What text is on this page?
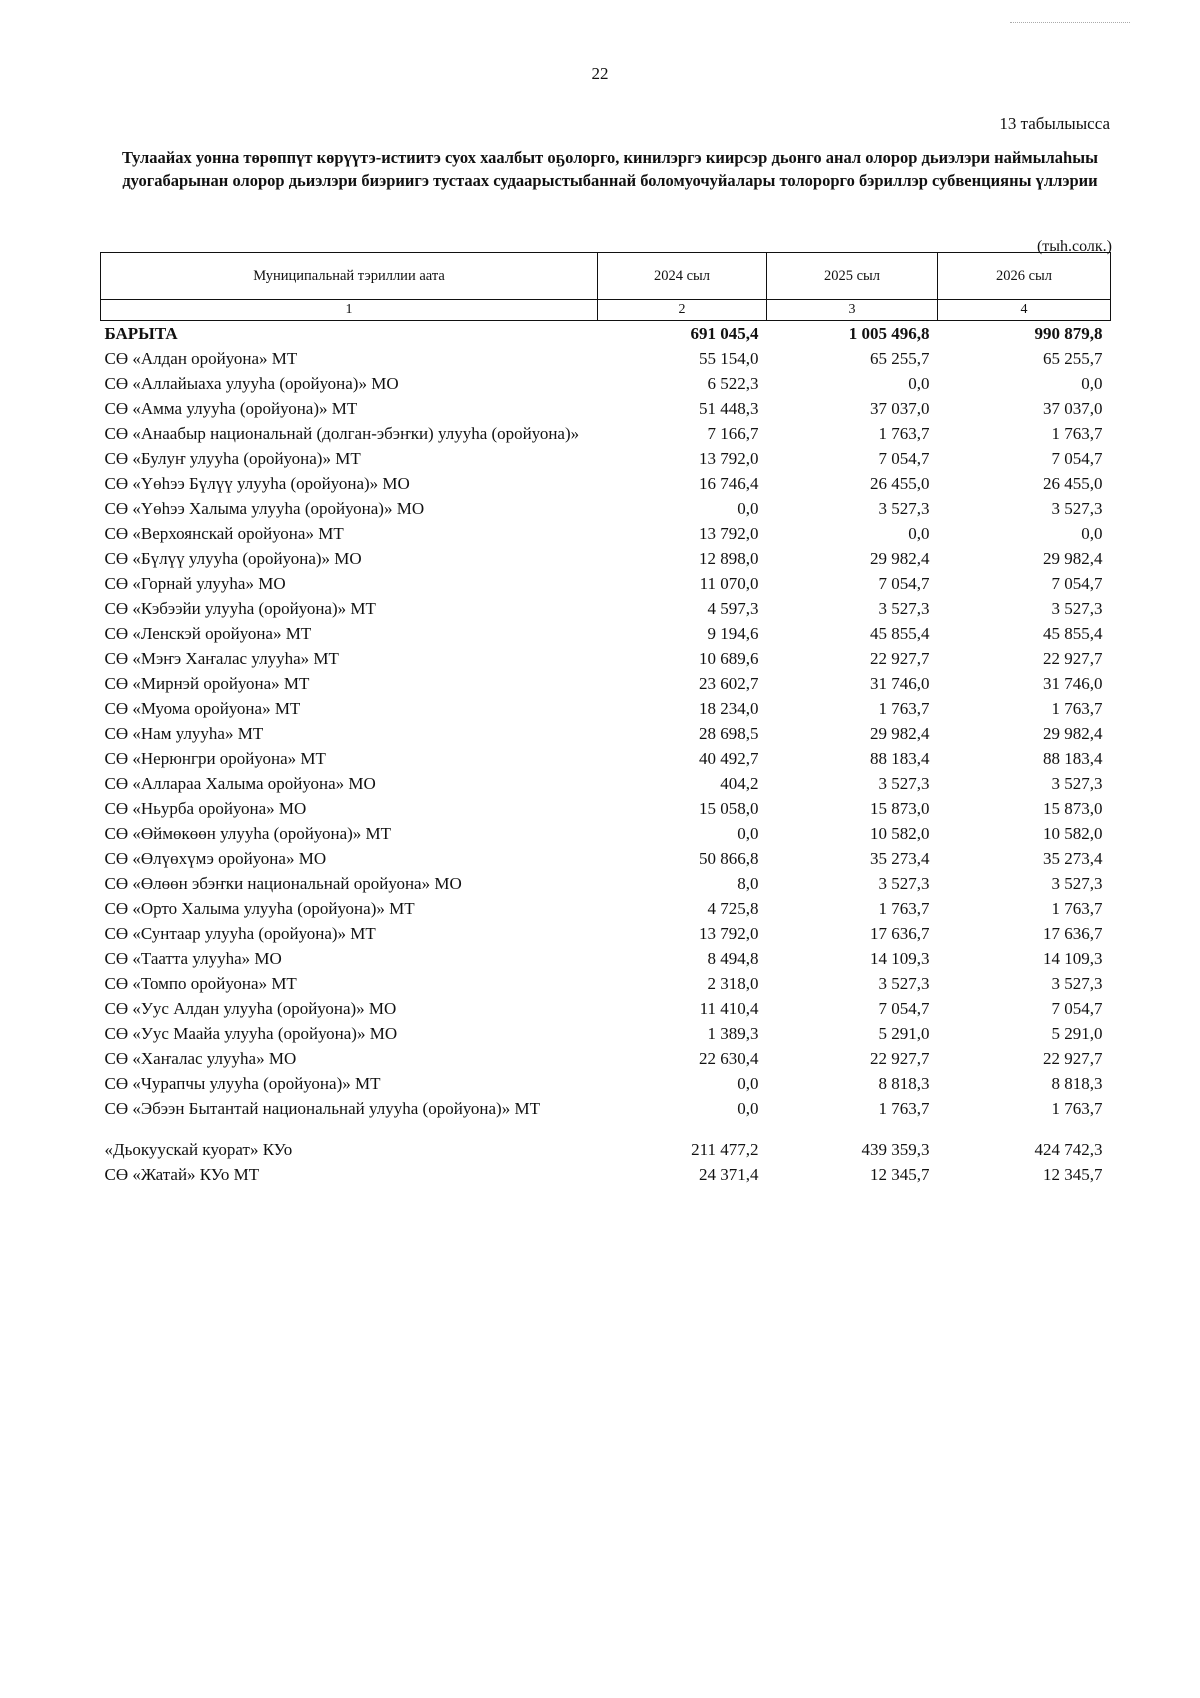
22
13 табылыысса
Тулаайах уонна төрөппүт көрүүтэ-истиитэ суох хаалбыт оҕолорго, кинилэргэ киирсэр дьонго анал олорор дьиэлэри наймылаһыы дуогабарынан олорор дьиэлэри биэриигэ тустаах судаарыстыбаннай боломуочуйалары толорорго бэриллэр субвенцияны үллэрии
(тыһ.солк.)
Муниципальнай тэриллии аата	2024 сыл	2025 сыл	2026 сыл
1	2	3	4
БАРЫТА	691 045,4	1 005 496,8	990 879,8
СӨ «Алдан оройуона» МТ	55 154,0	65 255,7	65 255,7
СӨ «Аллайыаха улууһа (оройуона)» МО	6 522,3	0,0	0,0
СӨ «Амма улууһа (оройуона)» МТ	51 448,3	37 037,0	37 037,0
СӨ «Анаабыр национальнай (долган-эбэҥки) улууһа (оройуона)»	7 166,7	1 763,7	1 763,7
СӨ «Булуҥ улууһа (оройуона)» МТ	13 792,0	7 054,7	7 054,7
СӨ «Үөһээ Бүлүү улууһа (оройуона)» МО	16 746,4	26 455,0	26 455,0
СӨ «Үөһээ Халыма улууһа (оройуона)» МО	0,0	3 527,3	3 527,3
СӨ «Верхоянскай оройуона» МТ	13 792,0	0,0	0,0
СӨ «Бүлүү улууһа (оройуона)» МО	12 898,0	29 982,4	29 982,4
СӨ «Горнай улууһа» МО	11 070,0	7 054,7	7 054,7
СӨ «Кэбээйи улууһа (оройуона)» МТ	4 597,3	3 527,3	3 527,3
СӨ «Ленскэй оройуона» МТ	9 194,6	45 855,4	45 855,4
СӨ «Мэҥэ Хаҥалас улууһа» МТ	10 689,6	22 927,7	22 927,7
СӨ «Мирнэй оройуона» МТ	23 602,7	31 746,0	31 746,0
СӨ «Муома оройуона» МТ	18 234,0	1 763,7	1 763,7
СӨ «Нам улууһа» МТ	28 698,5	29 982,4	29 982,4
СӨ «Нерюнгри оройуона» МТ	40 492,7	88 183,4	88 183,4
СӨ «Аллараа Халыма оройуона» МО	404,2	3 527,3	3 527,3
СӨ «Ньурба оройуона» МО	15 058,0	15 873,0	15 873,0
СӨ «Өймөкөөн улууһа (оройуона)» МТ	0,0	10 582,0	10 582,0
СӨ «Өлүөхүмэ оройуона» МО	50 866,8	35 273,4	35 273,4
СӨ «Өлөөн эбэҥки национальнай оройуона» МО	8,0	3 527,3	3 527,3
СӨ «Орто Халыма улууһа (оройуона)» МТ	4 725,8	1 763,7	1 763,7
СӨ «Сунтаар улууһа (оройуона)» МТ	13 792,0	17 636,7	17 636,7
СӨ «Таатта улууһа» МО	8 494,8	14 109,3	14 109,3
СӨ «Томпо оройуона» МТ	2 318,0	3 527,3	3 527,3
СӨ «Уус Алдан улууһа (оройуона)» МО	11 410,4	7 054,7	7 054,7
СӨ «Уус Маайа улууһа (оройуона)» МО	1 389,3	5 291,0	5 291,0
СӨ «Хаҥалас улууһа» МО	22 630,4	22 927,7	22 927,7
СӨ «Чурапчы улууһа (оройуона)» МТ	0,0	8 818,3	8 818,3
СӨ «Эбээн Бытантай национальнай улууһа (оройуона)» МТ	0,0	1 763,7	1 763,7

«Дьокуускай куорат» КУо	211 477,2	439 359,3	424 742,3
СӨ «Жатай» КУо МТ	24 371,4	12 345,7	12 345,7
